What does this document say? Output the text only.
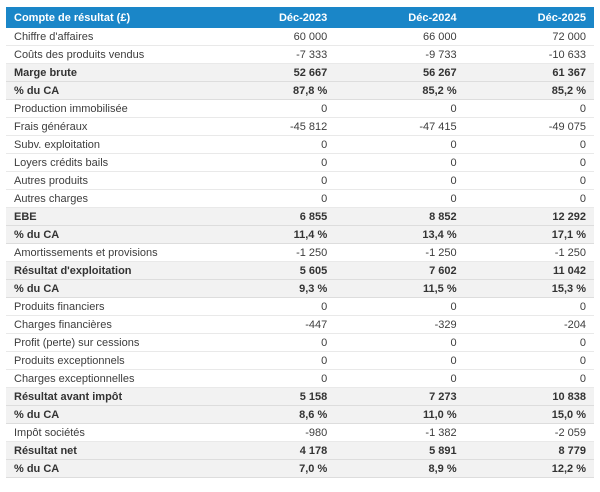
Compte de résultat (£)	Déc-2023	Déc-2024	Déc-2025
Chiffre d'affaires	60 000	66 000	72 000
Coûts des produits vendus	-7 333	-9 733	-10 633
Marge brute	52 667	56 267	61 367
% du CA	87,8 %	85,2 %	85,2 %
Production immobilisée	0	0	0
Frais généraux	-45 812	-47 415	-49 075
Subv. exploitation	0	0	0
Loyers crédits bails	0	0	0
Autres produits	0	0	0
Autres charges	0	0	0
EBE	6 855	8 852	12 292
% du CA	11,4 %	13,4 %	17,1 %
Amortissements et provisions	-1 250	-1 250	-1 250
Résultat d'exploitation	5 605	7 602	11 042
% du CA	9,3 %	11,5 %	15,3 %
Produits financiers	0	0	0
Charges financières	-447	-329	-204
Profit (perte) sur cessions	0	0	0
Produits exceptionnels	0	0	0
Charges exceptionnelles	0	0	0
Résultat avant impôt	5 158	7 273	10 838
% du CA	8,6 %	11,0 %	15,0 %
Impôt sociétés	-980	-1 382	-2 059
Résultat net	4 178	5 891	8 779
% du CA	7,0 %	8,9 %	12,2 %
